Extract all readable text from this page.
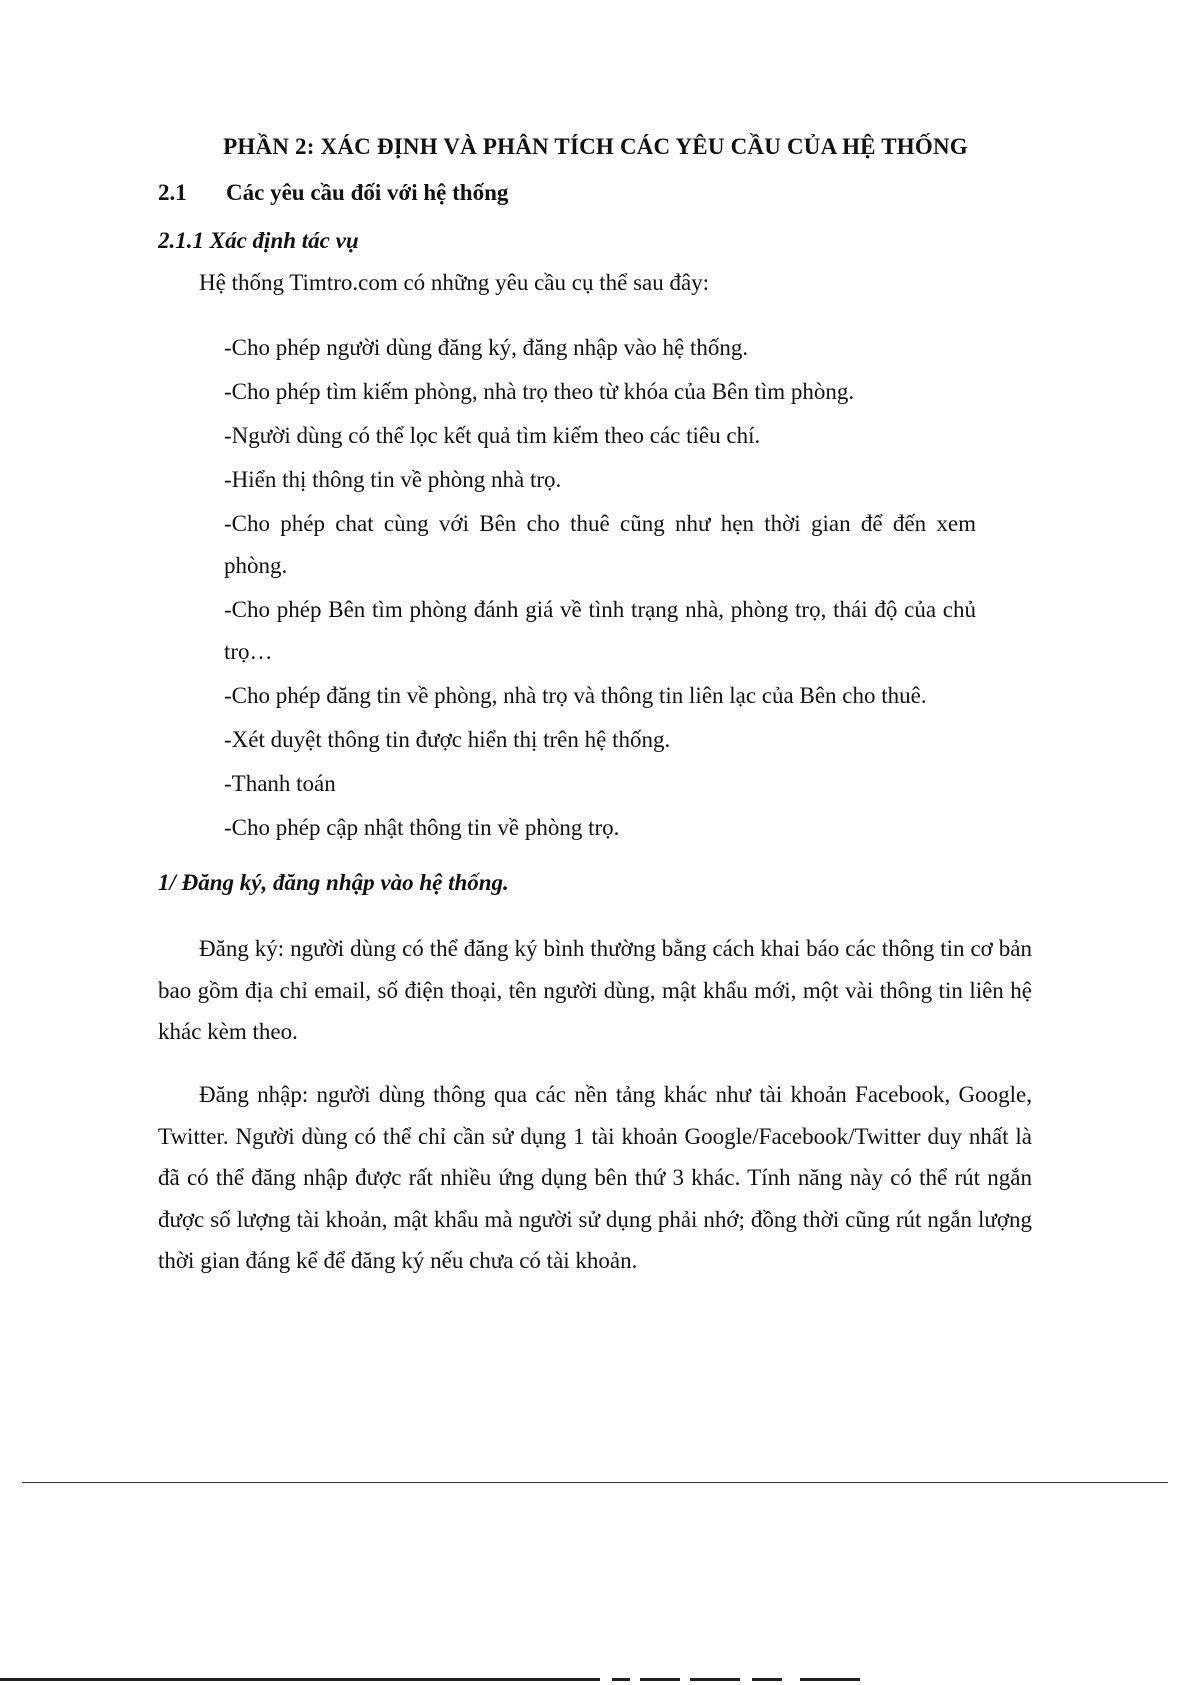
PHẦN 2: XÁC ĐỊNH VÀ PHÂN TÍCH CÁC YÊU CẦU CỦA HỆ THỐNG
2.1 Các yêu cầu đối với hệ thống
2.1.1 Xác định tác vụ

Hệ thống Timtro.com có những yêu cầu cụ thể sau đây:

-Cho phép người dùng đăng ký, đăng nhập vào hệ thống.
-Cho phép tìm kiếm phòng, nhà trọ theo từ khóa của Bên tìm phòng.
-Người dùng có thể lọc kết quả tìm kiếm theo các tiêu chí.
-Hiển thị thông tin về phòng nhà trọ.
-Cho phép chat cùng với Bên cho thuê cũng như hẹn thời gian để đến xem phòng.
-Cho phép Bên tìm phòng đánh giá về tình trạng nhà, phòng trọ, thái độ của chủ trọ…
-Cho phép đăng tin về phòng, nhà trọ và thông tin liên lạc của Bên cho thuê.
-Xét duyệt thông tin được hiển thị trên hệ thống.
-Thanh toán
-Cho phép cập nhật thông tin về phòng trọ.
1/ Đăng ký, đăng nhập vào hệ thống.

Đăng ký: người dùng có thể đăng ký bình thường bằng cách khai báo các thông tin cơ bản bao gồm địa chỉ email, số điện thoại, tên người dùng, mật khẩu mới, một vài thông tin liên hệ khác kèm theo.

Đăng nhập: người dùng thông qua các nền tảng khác như tài khoản Facebook, Google, Twitter. Người dùng có thể chỉ cần sử dụng 1 tài khoản Google/Facebook/Twitter duy nhất là đã có thể đăng nhập được rất nhiều ứng dụng bên thứ 3 khác. Tính năng này có thể rút ngắn được số lượng tài khoản, mật khẩu mà người sử dụng phải nhớ; đồng thời cũng rút ngắn lượng thời gian đáng kể để đăng ký nếu chưa có tài khoản.
